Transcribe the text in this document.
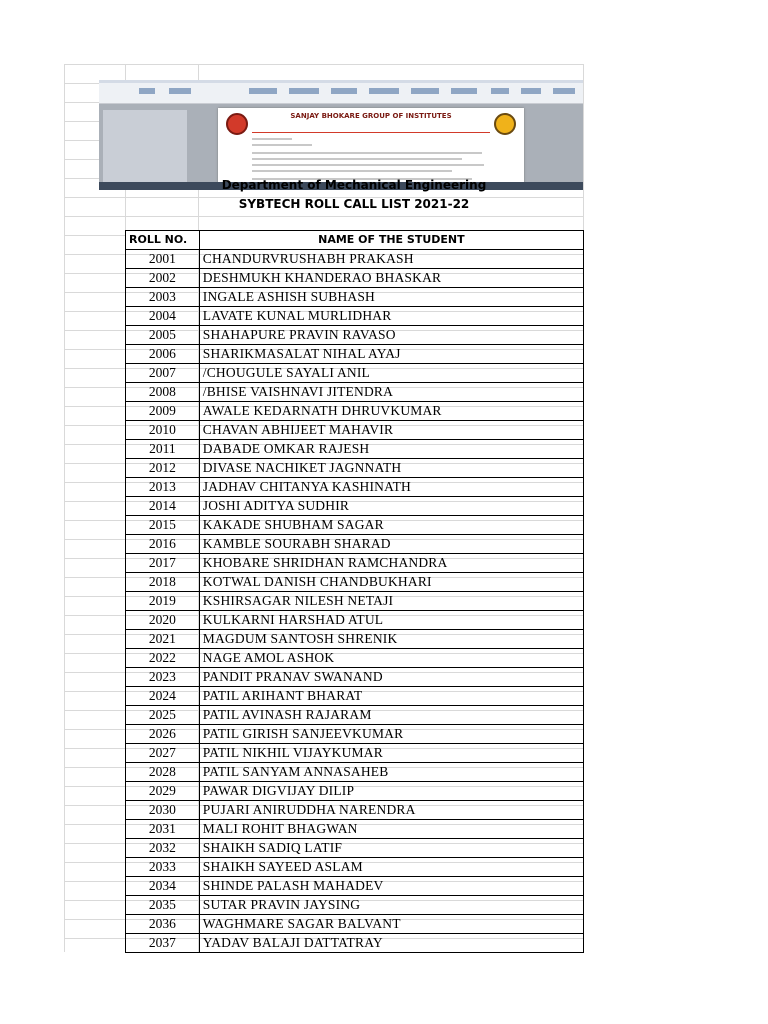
SANJAY BHOKARE GROUP OF INSTITUTES
Department of Mechanical Engineering
SYBTECH ROLL CALL LIST 2021-22
ROLL NO.	NAME OF THE STUDENT
2001	CHANDURVRUSHABH PRAKASH
2002	DESHMUKH KHANDERAO BHASKAR
2003	INGALE ASHISH SUBHASH
2004	LAVATE KUNAL MURLIDHAR
2005	SHAHAPURE PRAVIN RAVASO
2006	SHARIKMASALAT NIHAL AYAJ
2007	/CHOUGULE SAYALI ANIL
2008	/BHISE VAISHNAVI JITENDRA
2009	AWALE KEDARNATH DHRUVKUMAR
2010	CHAVAN ABHIJEET MAHAVIR
2011	DABADE OMKAR RAJESH
2012	DIVASE NACHIKET JAGNNATH
2013	JADHAV CHITANYA KASHINATH
2014	JOSHI ADITYA SUDHIR
2015	KAKADE SHUBHAM SAGAR
2016	KAMBLE SOURABH SHARAD
2017	KHOBARE SHRIDHAN RAMCHANDRA
2018	KOTWAL DANISH CHANDBUKHARI
2019	KSHIRSAGAR NILESH NETAJI
2020	KULKARNI HARSHAD ATUL
2021	MAGDUM SANTOSH SHRENIK
2022	NAGE AMOL ASHOK
2023	PANDIT PRANAV SWANAND
2024	PATIL ARIHANT BHARAT
2025	PATIL AVINASH RAJARAM
2026	PATIL GIRISH SANJEEVKUMAR
2027	PATIL NIKHIL VIJAYKUMAR
2028	PATIL SANYAM ANNASAHEB
2029	PAWAR DIGVIJAY DILIP
2030	PUJARI ANIRUDDHA NARENDRA
2031	MALI ROHIT BHAGWAN
2032	SHAIKH SADIQ LATIF
2033	SHAIKH SAYEED ASLAM
2034	SHINDE PALASH MAHADEV
2035	SUTAR PRAVIN JAYSING
2036	WAGHMARE SAGAR BALVANT
2037	YADAV BALAJI DATTATRAY
